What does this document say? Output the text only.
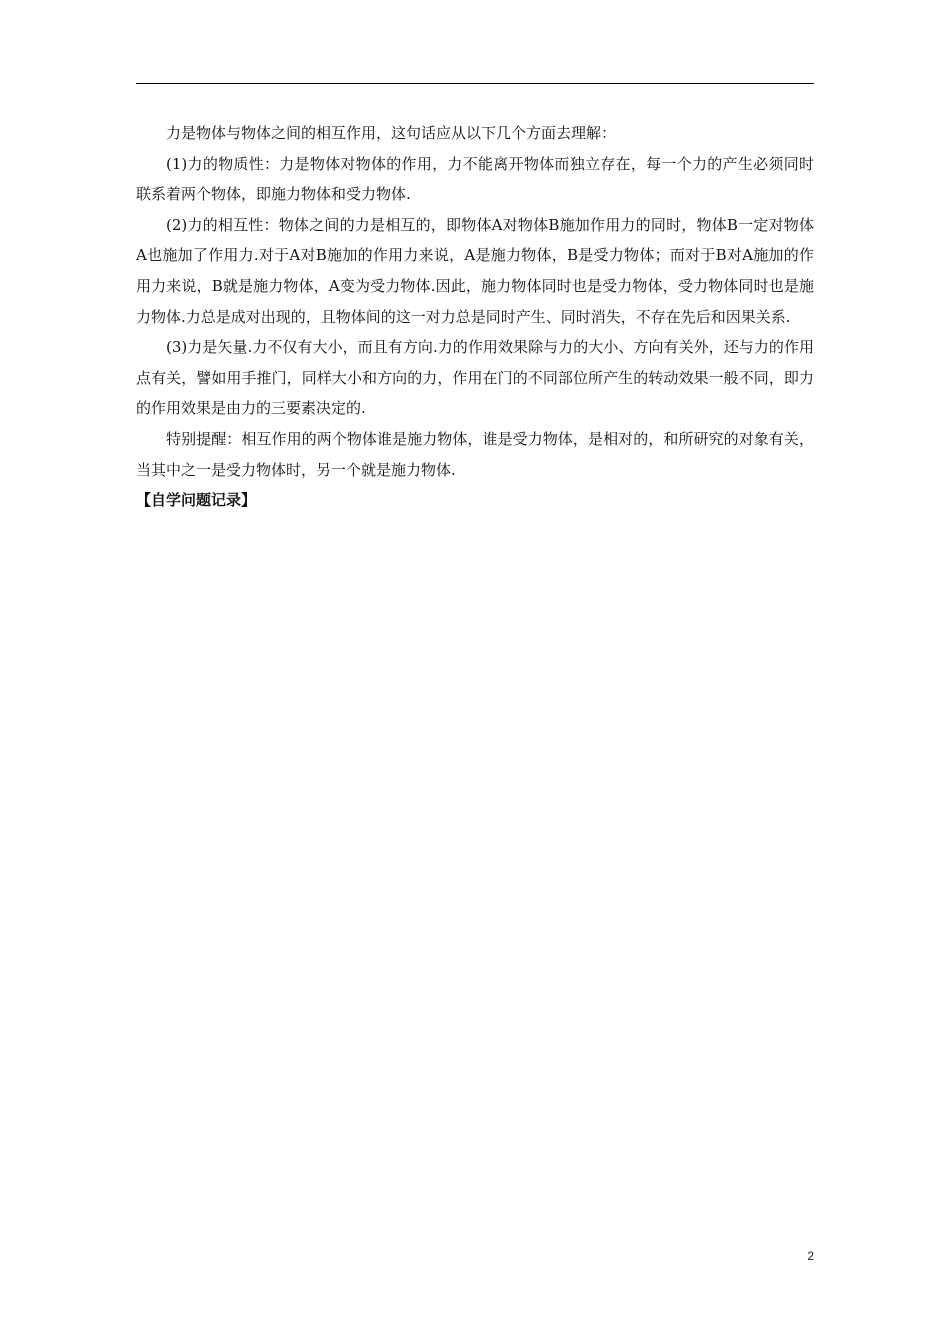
力是物体与物体之间的相互作用，这句话应从以下几个方面去理解：

(1)力的物质性：力是物体对物体的作用，力不能离开物体而独立存在，每一个力的产生必须同时联系着两个物体，即施力物体和受力物体.

(2)力的相互性：物体之间的力是相互的，即物体A对物体B施加作用力的同时，物体B一定对物体A也施加了作用力.对于A对B施加的作用力来说，A是施力物体，B是受力物体；而对于B对A施加的作用力来说，B就是施力物体，A变为受力物体.因此，施力物体同时也是受力物体，受力物体同时也是施力物体.力总是成对出现的，且物体间的这一对力总是同时产生、同时消失，不存在先后和因果关系.

(3)力是矢量.力不仅有大小，而且有方向.力的作用效果除与力的大小、方向有关外，还与力的作用点有关，譬如用手推门，同样大小和方向的力，作用在门的不同部位所产生的转动效果一般不同，即力的作用效果是由力的三要素决定的.

特别提醒：相互作用的两个物体谁是施力物体，谁是受力物体，是相对的，和所研究的对象有关，当其中之一是受力物体时，另一个就是施力物体.

【自学问题记录】

2
